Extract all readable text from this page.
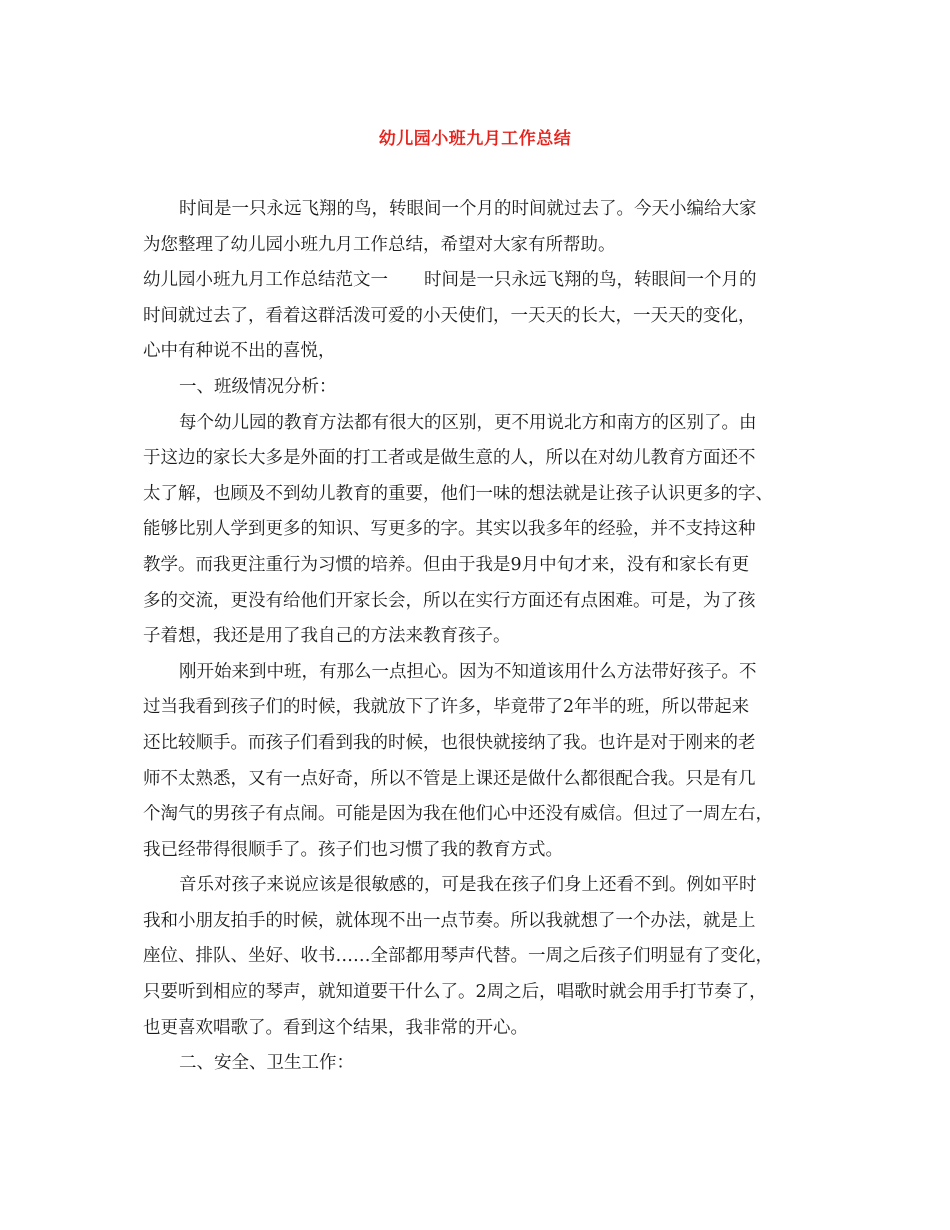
幼儿园小班九月工作总结
时间是一只永远飞翔的鸟，转眼间一个月的时间就过去了。今天小编给大家
为您整理了幼儿园小班九月工作总结，希望对大家有所帮助。
幼儿园小班九月工作总结范文一 时间是一只永远飞翔的鸟，转眼间一个月的
时间就过去了，看着这群活泼可爱的小天使们，一天天的长大，一天天的变化，
心中有种说不出的喜悦，
一、班级情况分析：
每个幼儿园的教育方法都有很大的区别，更不用说北方和南方的区别了。由
于这边的家长大多是外面的打工者或是做生意的人，所以在对幼儿教育方面还不
太了解，也顾及不到幼儿教育的重要，他们一味的想法就是让孩子认识更多的字、
能够比别人学到更多的知识、写更多的字。其实以我多年的经验，并不支持这种
教学。而我更注重行为习惯的培养。但由于我是9月中旬才来，没有和家长有更
多的交流，更没有给他们开家长会，所以在实行方面还有点困难。可是，为了孩
子着想，我还是用了我自己的方法来教育孩子。
刚开始来到中班，有那么一点担心。因为不知道该用什么方法带好孩子。不
过当我看到孩子们的时候，我就放下了许多，毕竟带了2年半的班，所以带起来
还比较顺手。而孩子们看到我的时候，也很快就接纳了我。也许是对于刚来的老
师不太熟悉，又有一点好奇，所以不管是上课还是做什么都很配合我。只是有几
个淘气的男孩子有点闹。可能是因为我在他们心中还没有威信。但过了一周左右，
我已经带得很顺手了。孩子们也习惯了我的教育方式。
音乐对孩子来说应该是很敏感的，可是我在孩子们身上还看不到。例如平时
我和小朋友拍手的时候，就体现不出一点节奏。所以我就想了一个办法，就是上
座位、排队、坐好、收书……全部都用琴声代替。一周之后孩子们明显有了变化，
只要听到相应的琴声，就知道要干什么了。2周之后，唱歌时就会用手打节奏了，
也更喜欢唱歌了。看到这个结果，我非常的开心。
二、安全、卫生工作：
